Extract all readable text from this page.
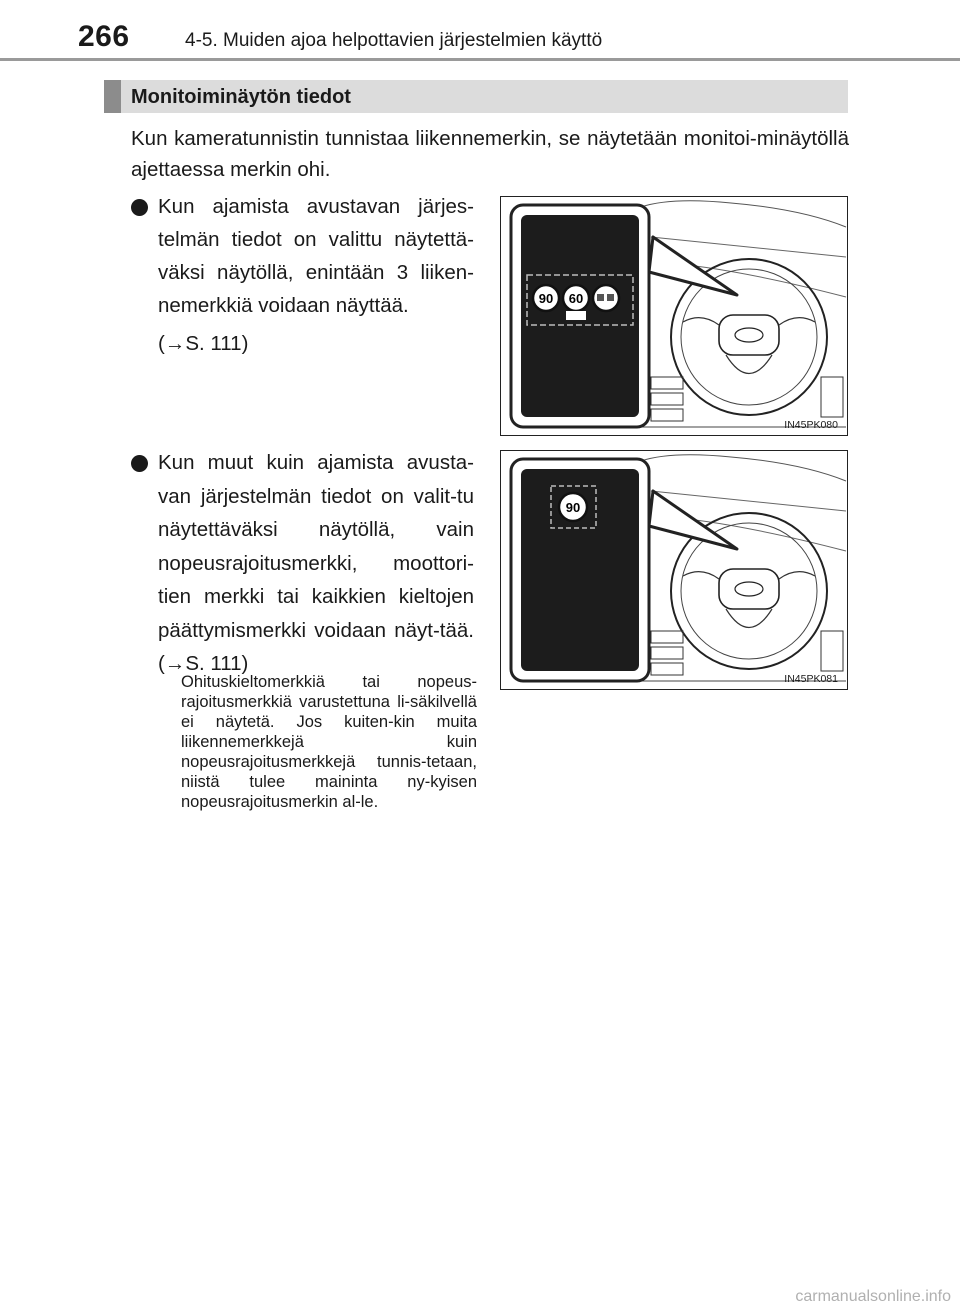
266	4-5. Muiden ajoa helpottavien järjestelmien käyttö
Monitoiminäytön tiedot
Kun kameratunnistin tunnistaa liikennemerkin, se näytetään monitoi-minäytöllä ajettaessa merkin ohi.
Kun ajamista avustavan järjes-telmän tiedot on valittu näytettä-väksi näytöllä, enintään 3 liiken-nemerkkiä voidaan näyttää.
(→S. 111)
Kun muut kuin ajamista avusta-van järjestelmän tiedot on valit-tu näytettäväksi näytöllä, vain nopeusrajoitusmerkki, moottori-tien merkki tai kaikkien kieltojen päättymismerkki voidaan näyt-tää. (→S. 111)
Ohituskieltomerkkiä tai nopeus-rajoitusmerkkiä varustettuna li-säkilvellä ei näytetä. Jos kuiten-kin muita liikennemerkkejä kuin nopeusrajoitusmerkkejä tunnis-tetaan, niistä tulee maininta ny-kyisen nopeusrajoitusmerkin al-le.
90 60
IN45PK080
90
IN45PK081
carmanualsonline.info
